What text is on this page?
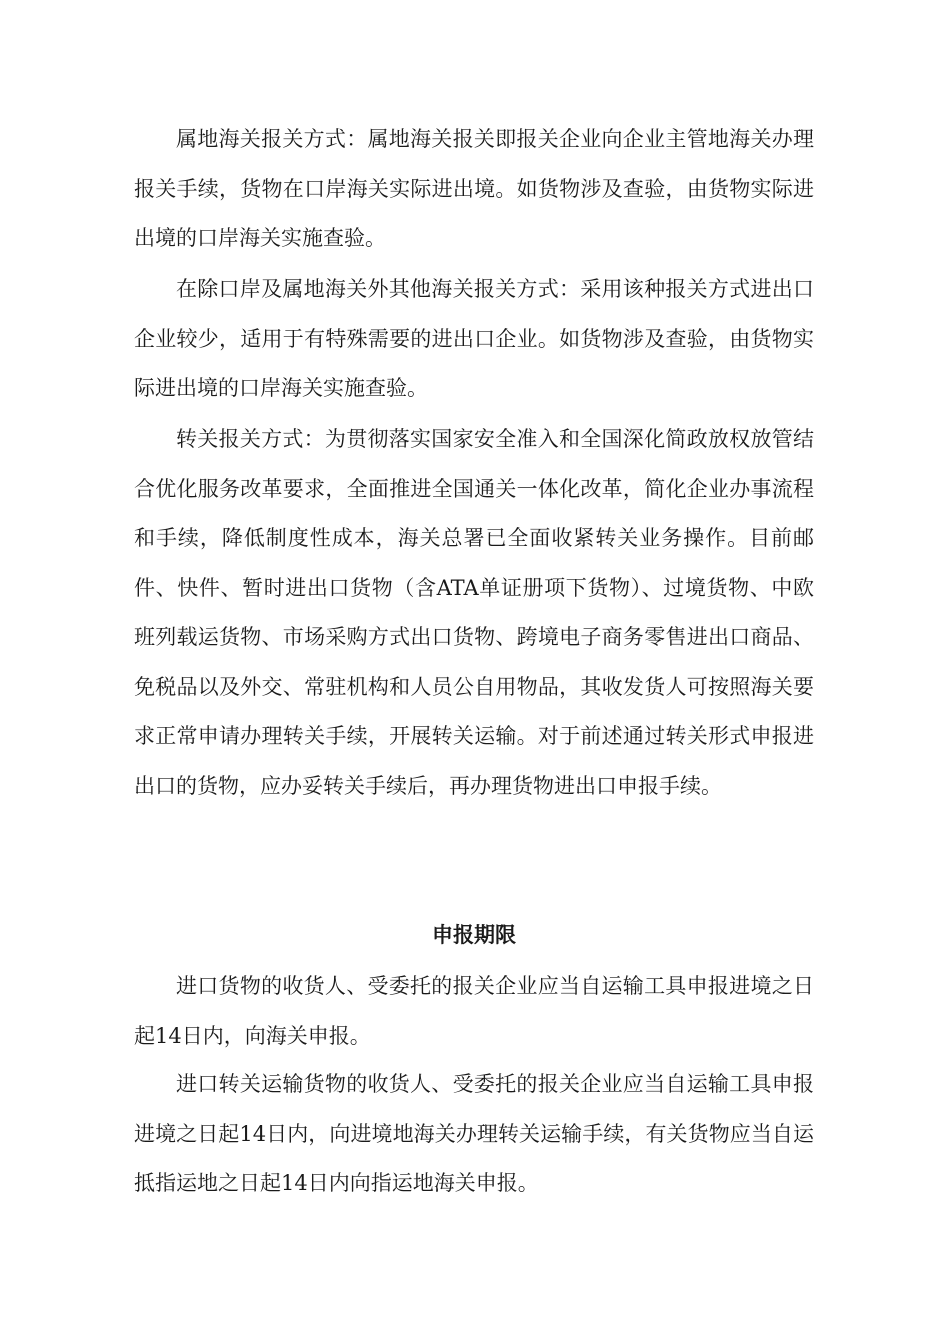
属地海关报关方式：属地海关报关即报关企业向企业主管地海关办理报关手续，货物在口岸海关实际进出境。如货物涉及查验，由货物实际进出境的口岸海关实施查验。

在除口岸及属地海关外其他海关报关方式：采用该种报关方式进出口企业较少，适用于有特殊需要的进出口企业。如货物涉及查验，由货物实际进出境的口岸海关实施查验。

转关报关方式：为贯彻落实国家安全准入和全国深化简政放权放管结合优化服务改革要求，全面推进全国通关一体化改革，简化企业办事流程和手续，降低制度性成本，海关总署已全面收紧转关业务操作。目前邮件、快件、暂时进出口货物（含ATA单证册项下货物）、过境货物、中欧班列载运货物、市场采购方式出口货物、跨境电子商务零售进出口商品、免税品以及外交、常驻机构和人员公自用物品，其收发货人可按照海关要求正常申请办理转关手续，开展转关运输。对于前述通过转关形式申报进出口的货物，应办妥转关手续后，再办理货物进出口申报手续。

申报期限

进口货物的收货人、受委托的报关企业应当自运输工具申报进境之日起14日内，向海关申报。

进口转关运输货物的收货人、受委托的报关企业应当自运输工具申报进境之日起14日内，向进境地海关办理转关运输手续，有关货物应当自运抵指运地之日起14日内向指运地海关申报。
